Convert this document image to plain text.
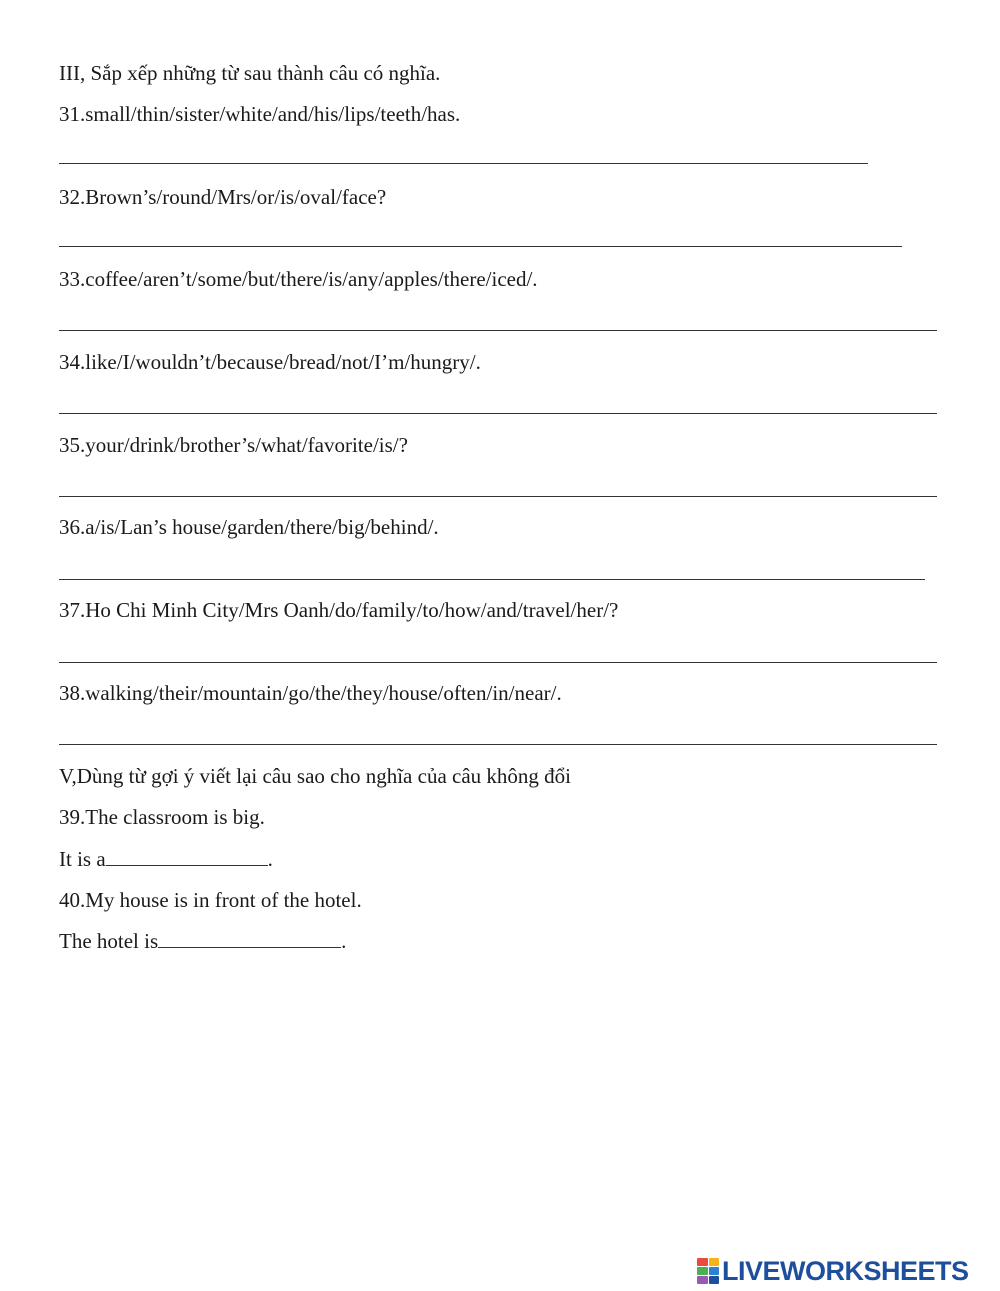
III, Sắp xếp những từ sau thành câu có nghĩa.
31.small/thin/sister/white/and/his/lips/teeth/has.
32.Brown’s/round/Mrs/or/is/oval/face?
33.coffee/aren’t/some/but/there/is/any/apples/there/iced/.
34.like/I/wouldn’t/because/bread/not/I’m/hungry/.
35.your/drink/brother’s/what/favorite/is/?
36.a/is/Lan’s house/garden/there/big/behind/.
37.Ho Chi Minh City/Mrs Oanh/do/family/to/how/and/travel/her/?
38.walking/their/mountain/go/the/they/house/often/in/near/.
V,Dùng từ gợi ý viết lại câu sao cho nghĩa của câu không đổi
39.The classroom is big.
It is a	.
40.My house is in front of the hotel.
The hotel is	.
LIVEWORKSHEETS
